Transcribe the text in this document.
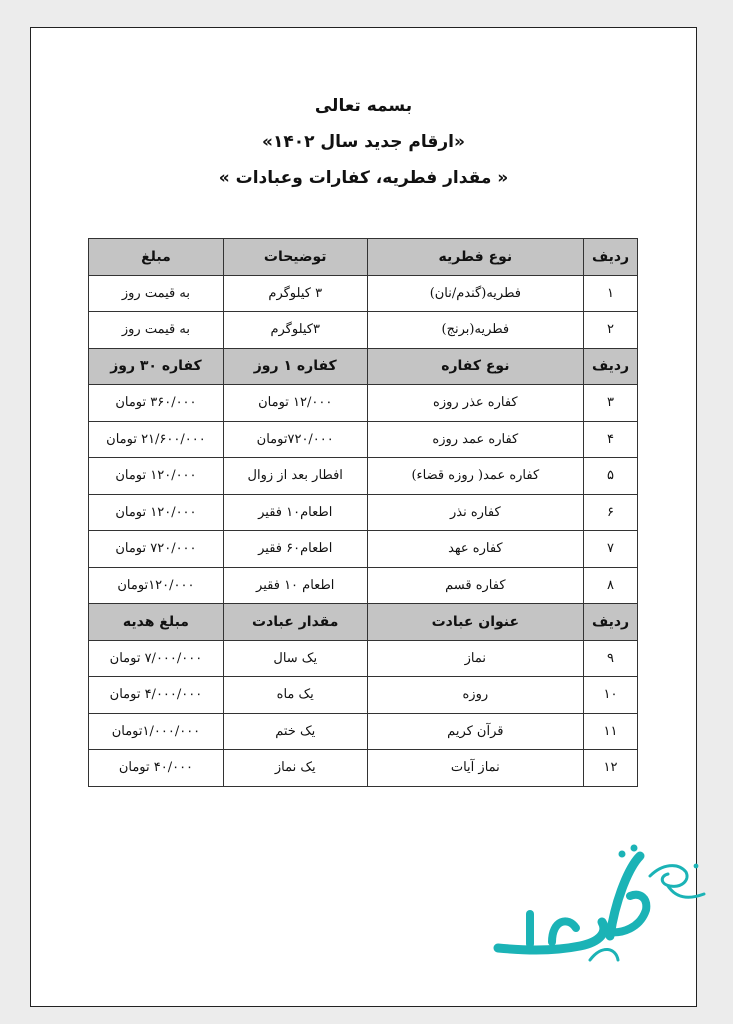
بسمه تعالی
«ارقام جدید سال ۱۴۰۲»
« مقدار فطریه، کفارات وعبادات »
ردیف	نوع فطریه	توضیحات	مبلغ
۱	فطریه(گندم/نان)	۳ کیلوگرم	به قیمت روز
۲	فطریه(برنج)	۳کیلوگرم	به قیمت روز
ردیف	نوع کفاره	کفاره ۱ روز	کفاره ۳۰ روز
۳	کفاره عذر روزه	۱۲/۰۰۰ تومان	۳۶۰/۰۰۰ تومان
۴	کفاره عمد روزه	۷۲۰/۰۰۰تومان	۲۱/۶۰۰/۰۰۰ تومان
۵	کفاره عمد( روزه قضاء)	افطار بعد از زوال	۱۲۰/۰۰۰ تومان
۶	کفاره نذر	اطعام۱۰ فقیر	۱۲۰/۰۰۰ تومان
۷	کفاره عهد	اطعام۶۰ فقیر	۷۲۰/۰۰۰ تومان
۸	کفاره قسم	اطعام ۱۰ فقیر	۱۲۰/۰۰۰تومان
ردیف	عنوان عبادت	مقدار عبادت	مبلغ هدیه
۹	نماز	یک سال	۷/۰۰۰/۰۰۰ تومان
۱۰	روزه	یک ماه	۴/۰۰۰/۰۰۰ تومان
۱۱	قرآن کریم	یک ختم	۱/۰۰۰/۰۰۰تومان
۱۲	نماز آیات	یک نماز	۴۰/۰۰۰ تومان
